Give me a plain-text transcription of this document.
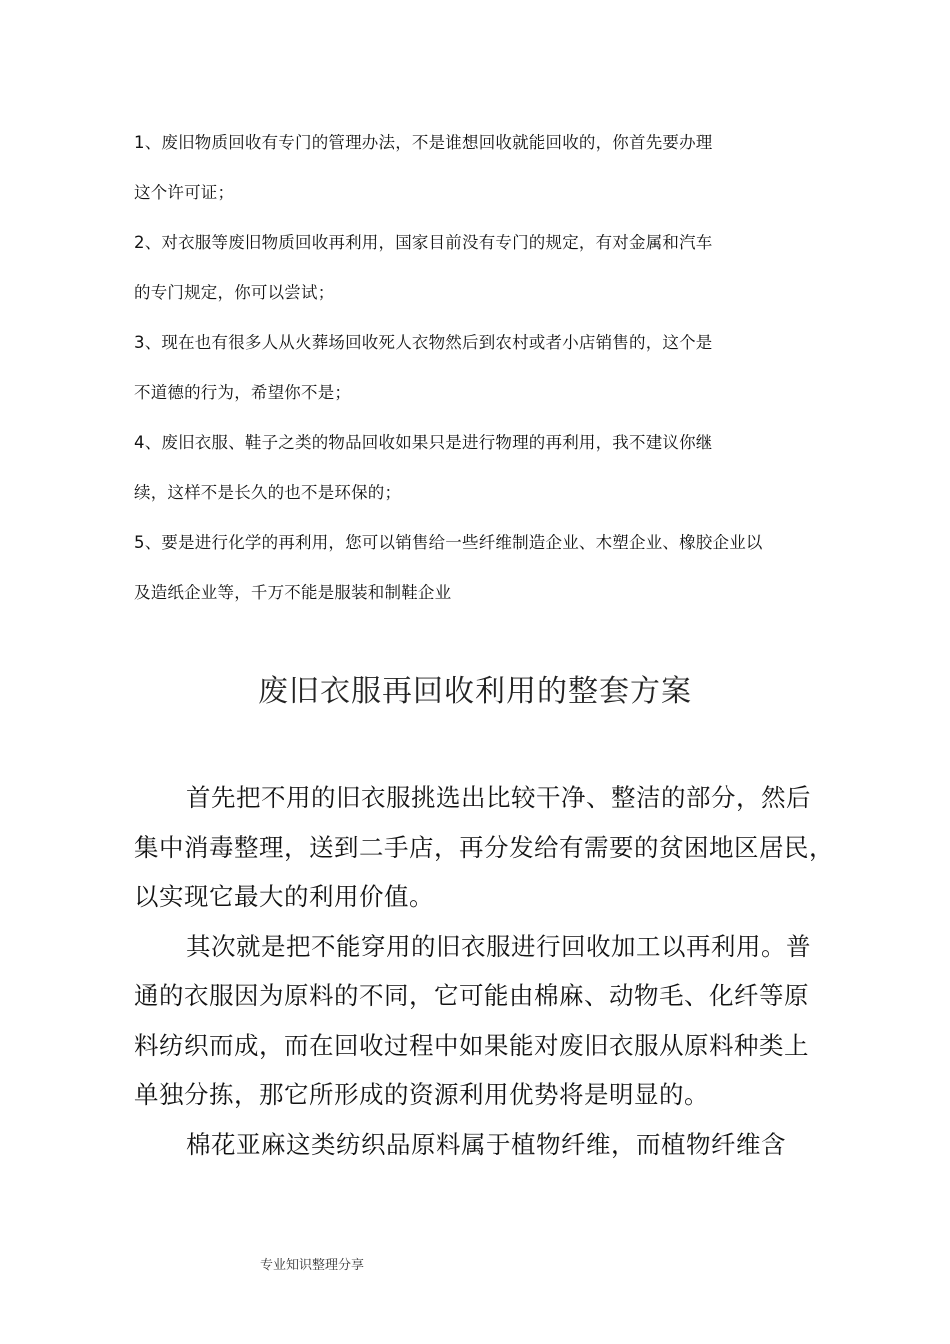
1、废旧物质回收有专门的管理办法，不是谁想回收就能回收的，你首先要办理
这个许可证；
2、对衣服等废旧物质回收再利用，国家目前没有专门的规定，有对金属和汽车
的专门规定，你可以尝试；
3、现在也有很多人从火葬场回收死人衣物然后到农村或者小店销售的，这个是
不道德的行为，希望你不是；
4、废旧衣服、鞋子之类的物品回收如果只是进行物理的再利用，我不建议你继
续，这样不是长久的也不是环保的；
5、要是进行化学的再利用，您可以销售给一些纤维制造企业、木塑企业、橡胶企业以
及造纸企业等，千万不能是服装和制鞋企业
废旧衣服再回收利用的整套方案
首先把不用的旧衣服挑选出比较干净、整洁的部分，然后
集中消毒整理，送到二手店，再分发给有需要的贫困地区居民，
以实现它最大的利用价值。
其次就是把不能穿用的旧衣服进行回收加工以再利用。普
通的衣服因为原料的不同，它可能由棉麻、动物毛、化纤等原
料纺织而成，而在回收过程中如果能对废旧衣服从原料种类上
单独分拣，那它所形成的资源利用优势将是明显的。
棉花亚麻这类纺织品原料属于植物纤维，而植物纤维含
专业知识整理分享
